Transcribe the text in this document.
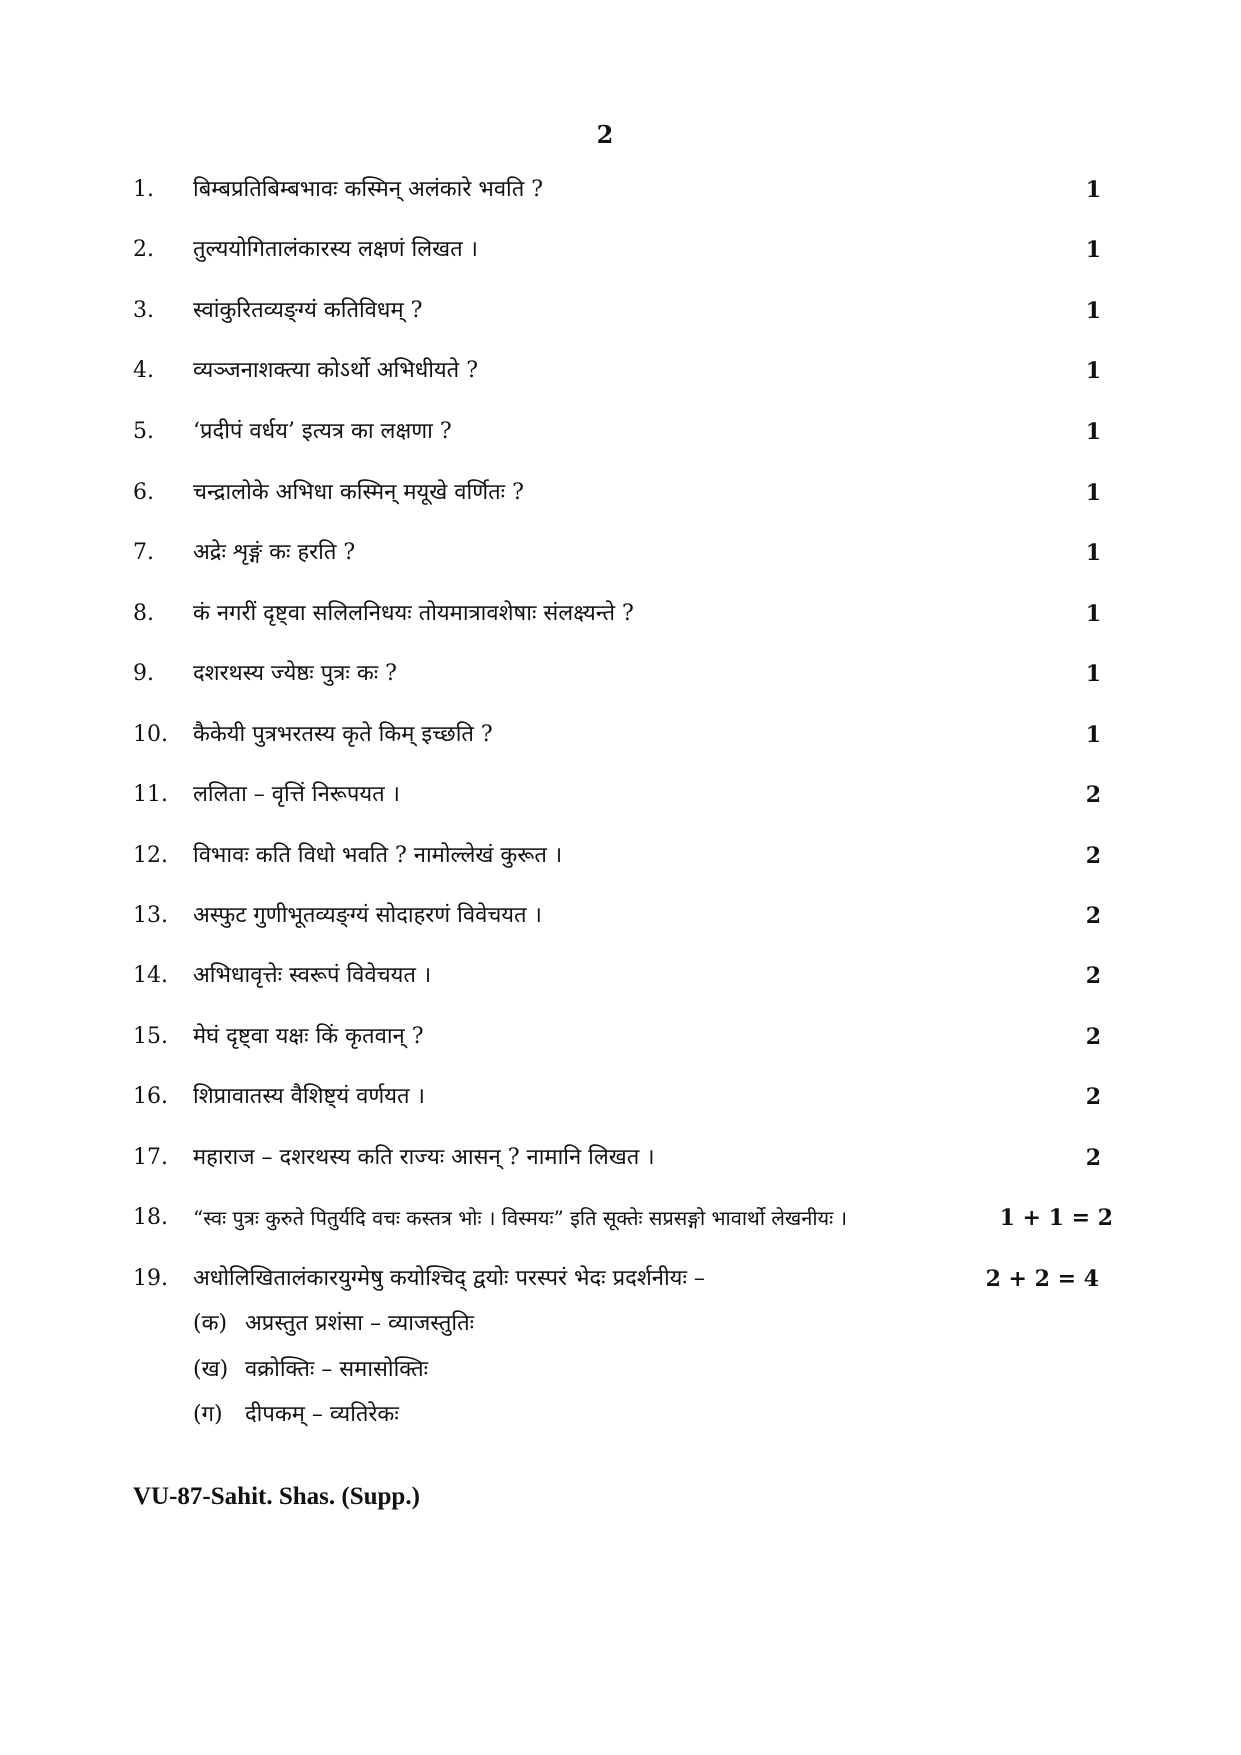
2
1. बिम्बप्रतिबिम्बभावः कस्मिन् अलंकारे भवति ?	1
2. तुल्ययोगितालंकारस्य लक्षणं लिखत ।	1
3. स्वांकुरितव्यङ्ग्यं कतिविधम् ?	1
4. व्यञ्जनाशक्त्या कोऽर्थो अभिधीयते ?	1
5. ‘प्रदीपं वर्धय’ इत्यत्र का लक्षणा ?	1
6. चन्द्रालोके अभिधा कस्मिन् मयूखे वर्णितः ?	1
7. अद्रेः शृङ्गं कः हरति ?	1
8. कं नगरीं दृष्ट्वा सलिलनिधयः तोयमात्रावशेषाः संलक्ष्यन्ते ?	1
9. दशरथस्य ज्येष्ठः पुत्रः कः ?	1
10. कैकेयी पुत्रभरतस्य कृते किम् इच्छति ?	1
11. ललिता – वृत्तिं निरूपयत ।	2
12. विभावः कति विधो भवति ? नामोल्लेखं कुरूत ।	2
13. अस्फुट गुणीभूतव्यङ्ग्यं सोदाहरणं विवेचयत ।	2
14. अभिधावृत्तेः स्वरूपं विवेचयत ।	2
15. मेघं दृष्ट्वा यक्षः किं कृतवान् ?	2
16. शिप्रावातस्य वैशिष्ट्यं वर्णयत ।	2
17. महाराज – दशरथस्य कति राज्यः आसन् ? नामानि लिखत ।	2
18. “स्वः पुत्रः कुरुते पितुर्यदि वचः कस्तत्र भोः । विस्मयः” इति सूक्तेः सप्रसङ्गो भावार्थो लेखनीयः ।	1 + 1 = 2
19. अधोलिखितालंकारयुग्मेषु कयोश्चिद् द्वयोः परस्परं भेदः प्रदर्शनीयः –	2 + 2 = 4
(क) अप्रस्तुत प्रशंसा – व्याजस्तुतिः
(ख) वक्रोक्तिः – समासोक्तिः
(ग) दीपकम् – व्यतिरेकः
VU-87-Sahit. Shas. (Supp.)
